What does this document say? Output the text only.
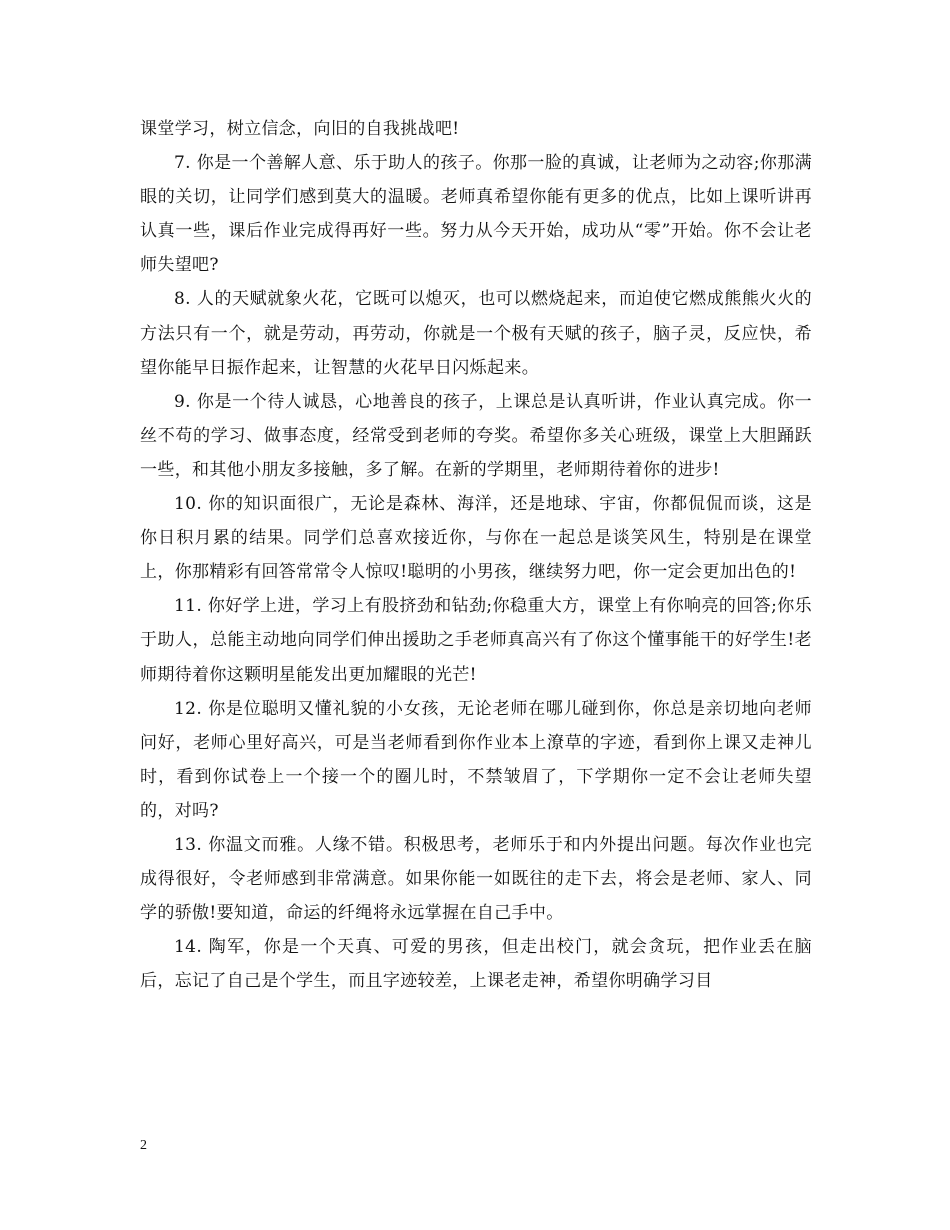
课堂学习，树立信念，向旧的自我挑战吧!

7. 你是一个善解人意、乐于助人的孩子。你那一脸的真诚，让老师为之动容;你那满眼的关切，让同学们感到莫大的温暖。老师真希望你能有更多的优点，比如上课听讲再认真一些，课后作业完成得再好一些。努力从今天开始，成功从“零”开始。你不会让老师失望吧?

8. 人的天赋就象火花，它既可以熄灭，也可以燃烧起来，而迫使它燃成熊熊火火的方法只有一个，就是劳动，再劳动，你就是一个极有天赋的孩子，脑子灵，反应快，希望你能早日振作起来，让智慧的火花早日闪烁起来。

9. 你是一个待人诚恳，心地善良的孩子，上课总是认真听讲，作业认真完成。你一丝不苟的学习、做事态度，经常受到老师的夸奖。希望你多关心班级，课堂上大胆踊跃一些，和其他小朋友多接触，多了解。在新的学期里，老师期待着你的进步!

10. 你的知识面很广，无论是森林、海洋，还是地球、宇宙，你都侃侃而谈，这是你日积月累的结果。同学们总喜欢接近你，与你在一起总是谈笑风生，特别是在课堂上，你那精彩有回答常常令人惊叹!聪明的小男孩，继续努力吧，你一定会更加出色的!

11. 你好学上进，学习上有股挤劲和钻劲;你稳重大方，课堂上有你响亮的回答;你乐于助人，总能主动地向同学们伸出援助之手老师真高兴有了你这个懂事能干的好学生!老师期待着你这颗明星能发出更加耀眼的光芒!

12. 你是位聪明又懂礼貌的小女孩，无论老师在哪儿碰到你，你总是亲切地向老师问好，老师心里好高兴，可是当老师看到你作业本上潦草的字迹，看到你上课又走神儿时，看到你试卷上一个接一个的圈儿时，不禁皱眉了，下学期你一定不会让老师失望的，对吗?

13. 你温文而雅。人缘不错。积极思考，老师乐于和内外提出问题。每次作业也完成得很好，令老师感到非常满意。如果你能一如既往的走下去，将会是老师、家人、同学的骄傲!要知道，命运的纤绳将永远掌握在自己手中。

14. 陶军，你是一个天真、可爱的男孩，但走出校门，就会贪玩，把作业丢在脑后，忘记了自己是个学生，而且字迹较差，上课老走神，希望你明确学习目

2
